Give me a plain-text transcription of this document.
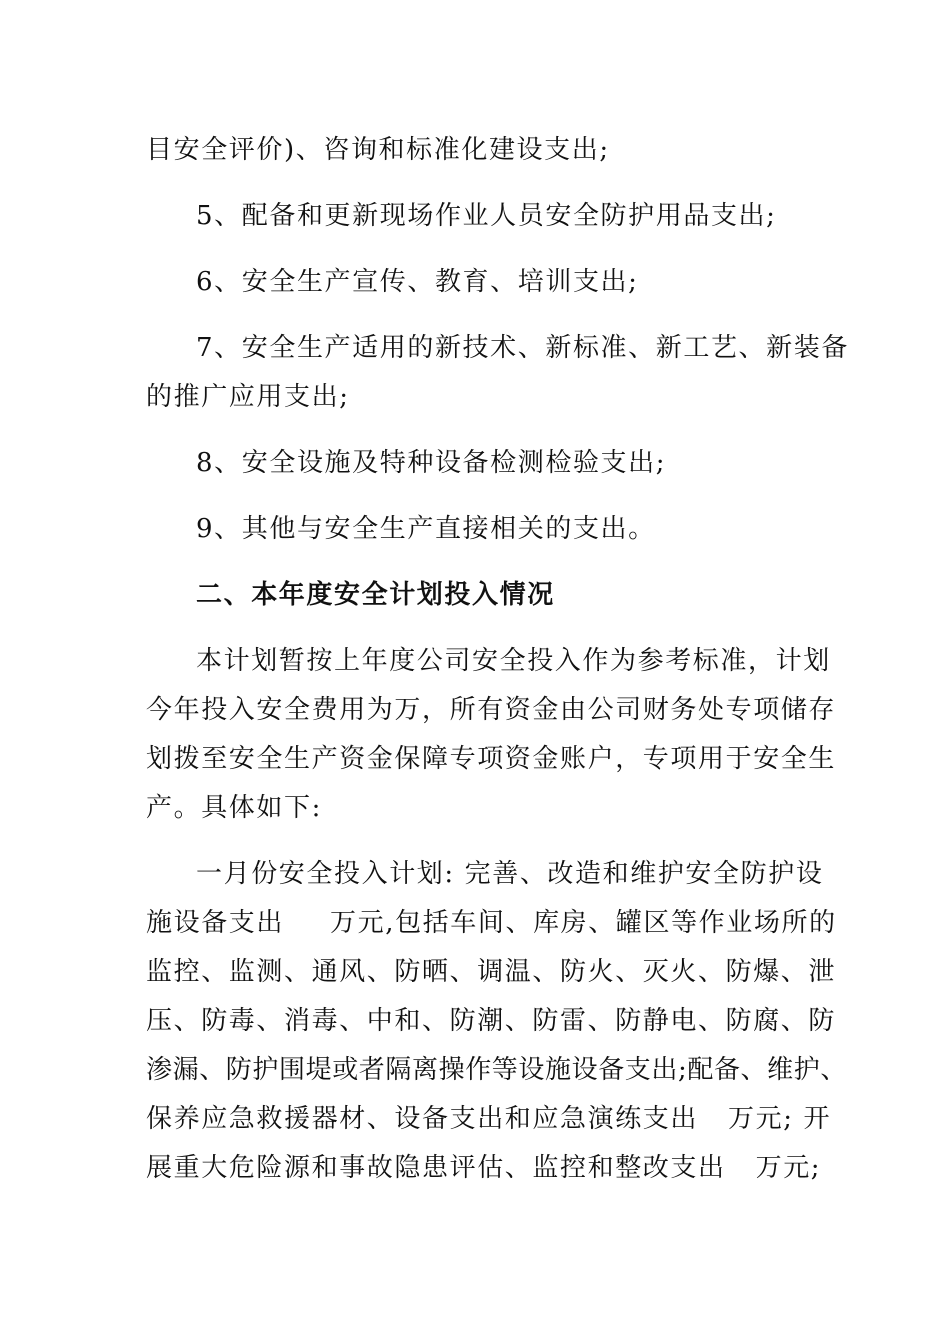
目安全评价)、咨询和标准化建设支出;
5、配备和更新现场作业人员安全防护用品支出;
6、安全生产宣传、教育、培训支出;
7、安全生产适用的新技术、新标准、新工艺、新装备
的推广应用支出;
8、安全设施及特种设备检测检验支出;
9、其他与安全生产直接相关的支出。
二、本年度安全计划投入情况
本计划暂按上年度公司安全投入作为参考标准，计划
今年投入安全费用为万，所有资金由公司财务处专项储存
划拨至安全生产资金保障专项资金账户，专项用于安全生
产。具体如下:
一月份安全投入计划: 完善、改造和维护安全防护设
施设备支出 万元,包括车间、库房、罐区等作业场所的
监控、监测、通风、防晒、调温、防火、灭火、防爆、泄
压、防毒、消毒、中和、防潮、防雷、防静电、防腐、防
渗漏、防护围堤或者隔离操作等设施设备支出;配备、维护、
保养应急救援器材、设备支出和应急演练支出 万元; 开
展重大危险源和事故隐患评估、监控和整改支出 万元;
